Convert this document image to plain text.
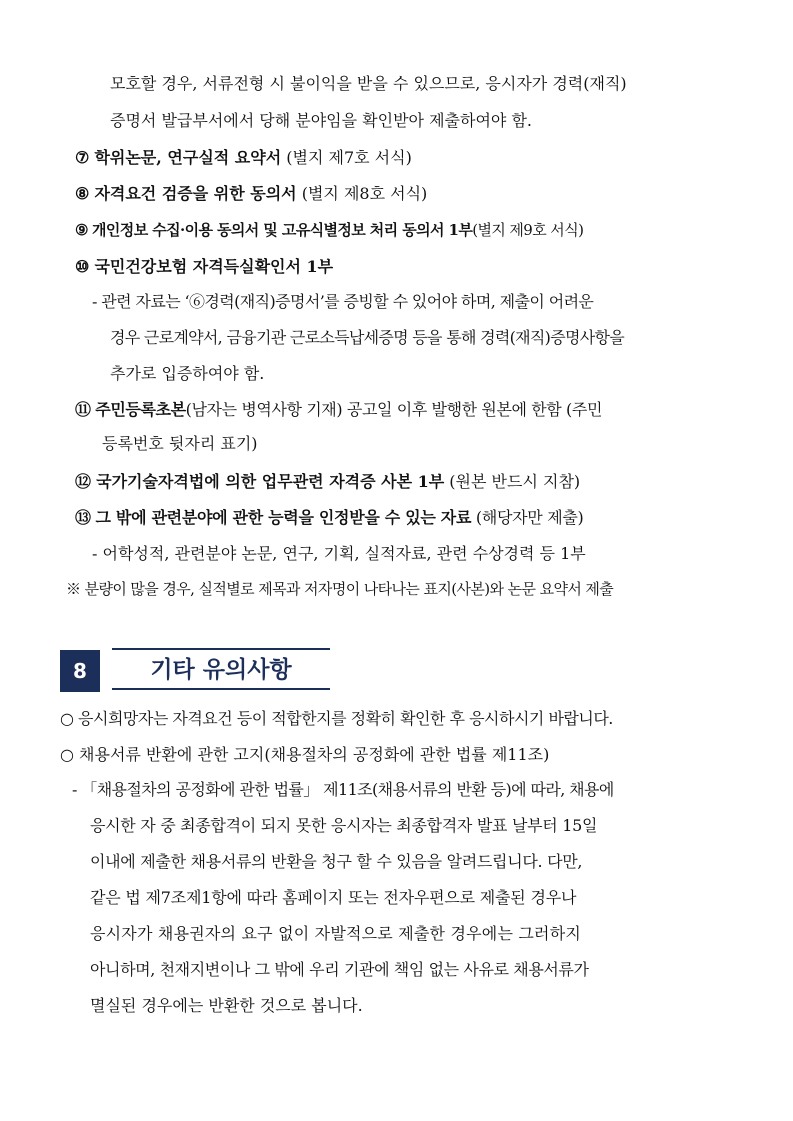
모호할 경우, 서류전형 시 불이익을 받을 수 있으므로, 응시자가 경력(재직)
증명서 발급부서에서 당해 분야임을 확인받아 제출하여야 함.
⑦ 학위논문, 연구실적 요약서 (별지 제7호 서식)
⑧ 자격요건 검증을 위한 동의서 (별지 제8호 서식)
⑨ 개인정보 수집·이용 동의서 및 고유식별정보 처리 동의서 1부(별지 제9호 서식)
⑩ 국민건강보험 자격득실확인서 1부
- 관련 자료는 ‘⑥경력(재직)증명서’를 증빙할 수 있어야 하며, 제출이 어려운
경우 근로계약서, 금융기관 근로소득납세증명 등을 통해 경력(재직)증명사항을
추가로 입증하여야 함.
⑪ 주민등록초본(남자는 병역사항 기재) 공고일 이후 발행한 원본에 한함 (주민
등록번호 뒷자리 표기)
⑫ 국가기술자격법에 의한 업무관련 자격증 사본 1부 (원본 반드시 지참)
⑬ 그 밖에 관련분야에 관한 능력을 인정받을 수 있는 자료 (해당자만 제출)
- 어학성적, 관련분야 논문, 연구, 기획, 실적자료, 관련 수상경력 등 1부
※ 분량이 많을 경우, 실적별로 제목과 저자명이 나타나는 표지(사본)와 논문 요약서 제출
8	기타 유의사항
○ 응시희망자는 자격요건 등이 적합한지를 정확히 확인한 후 응시하시기 바랍니다.
○ 채용서류 반환에 관한 고지(채용절차의 공정화에 관한 법률 제11조)
- 「채용절차의 공정화에 관한 법률」 제11조(채용서류의 반환 등)에 따라, 채용에
응시한 자 중 최종합격이 되지 못한 응시자는 최종합격자 발표 날부터 15일
이내에 제출한 채용서류의 반환을 청구 할 수 있음을 알려드립니다. 다만,
같은 법 제7조제1항에 따라 홈페이지 또는 전자우편으로 제출된 경우나
응시자가 채용권자의 요구 없이 자발적으로 제출한 경우에는 그러하지
아니하며, 천재지변이나 그 밖에 우리 기관에 책임 없는 사유로 채용서류가
멸실된 경우에는 반환한 것으로 봅니다.
